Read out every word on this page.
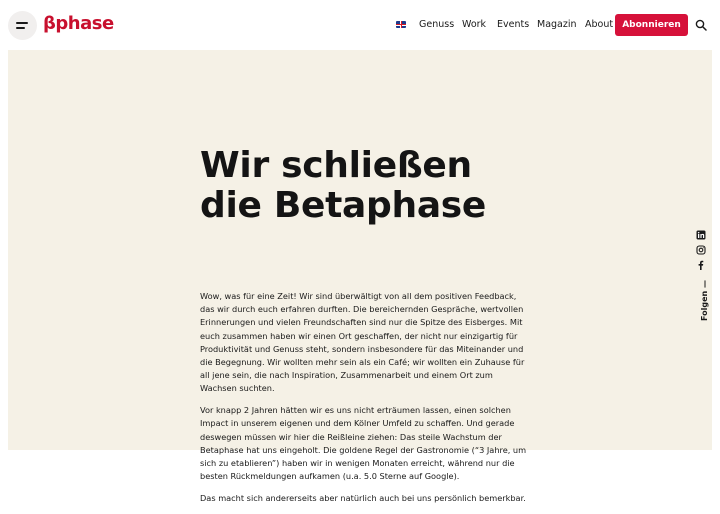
βphase	Genuss Work Events Magazin About	Abonnieren
Wir schließen die Betaphase

Wow, was für eine Zeit! Wir sind überwältigt von all dem positiven Feedback, das wir durch euch erfahren durften. Die bereichernden Gespräche, wertvollen Erinnerungen und vielen Freundschaften sind nur die Spitze des Eisberges. Mit euch zusammen haben wir einen Ort geschaffen, der nicht nur einzigartig für Produktivität und Genuss steht, sondern insbesondere für das Miteinander und die Begegnung. Wir wollten mehr sein als ein Café; wir wollten ein Zuhause für all jene sein, die nach Inspiration, Zusammenarbeit und einem Ort zum Wachsen suchten.

Vor knapp 2 Jahren hätten wir es uns nicht erträumen lassen, einen solchen Impact in unserem eigenen und dem Kölner Umfeld zu schaffen. Und gerade deswegen müssen wir hier die Reißleine ziehen: Das steile Wachstum der Betaphase hat uns eingeholt. Die goldene Regel der Gastronomie (“3 Jahre, um sich zu etablieren”) haben wir in wenigen Monaten erreicht, während nur die besten Rückmeldungen aufkamen (u.a. 5.0 Sterne auf Google).

Das macht sich andererseits aber natürlich auch bei uns persönlich bemerkbar.

Folgen —
